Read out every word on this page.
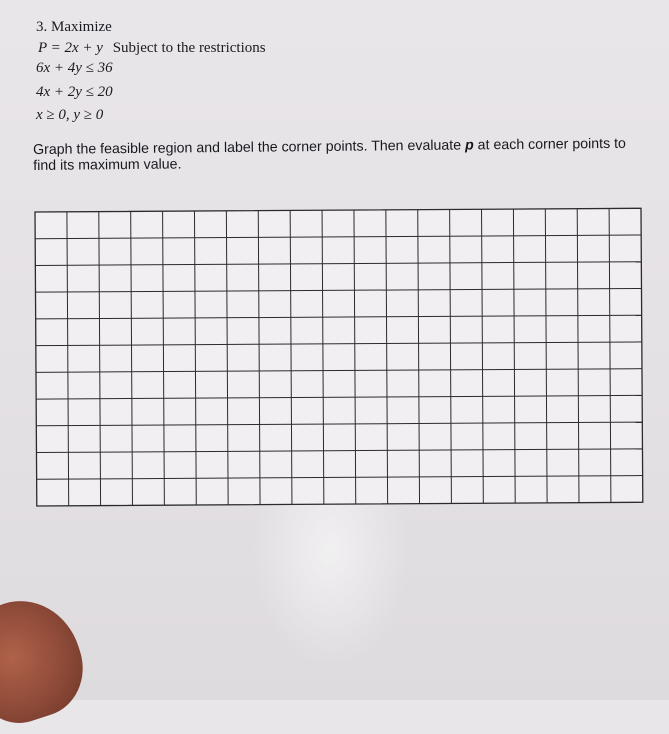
3. Maximize
P = 2x + y Subject to the restrictions
6x + 4y ≤ 36
4x + 2y ≤ 20
x ≥ 0, y ≥ 0
Graph the feasible region and label the corner points. Then evaluate p at each corner points to find its maximum value.
